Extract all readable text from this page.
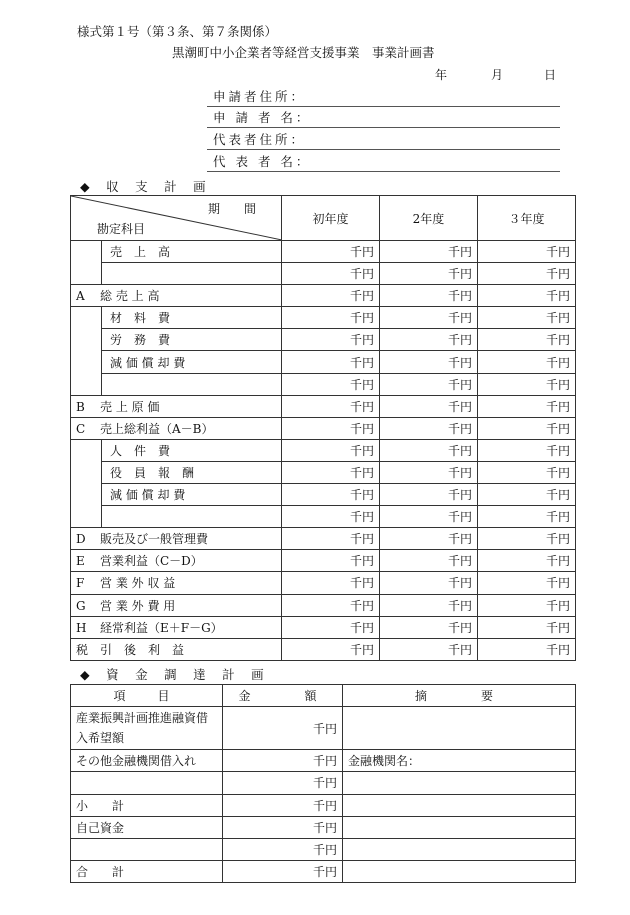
様式第１号（第３条、第７条関係）
黒潮町中小企業者等経営支援事業　事業計画書
年	月	日
申請者住所：
申 請 者 名：
代表者住所：
代 表 者 名：
◆　収　支　計　画
期　　間
勘定科目		初年度	2年度	３年度
	売　上　高	千円	千円	千円
		千円	千円	千円
A 総 売 上 高		千円	千円	千円
	材　料　費	千円	千円	千円
	労　務　費	千円	千円	千円
	減 価 償 却 費	千円	千円	千円
		千円	千円	千円
B 売 上 原 価		千円	千円	千円
C 売上総利益（A－B）		千円	千円	千円
	人　件　費	千円	千円	千円
	役　員　報　酬	千円	千円	千円
	減 価 償 却 費	千円	千円	千円
		千円	千円	千円
D 販売及び一般管理費		千円	千円	千円
E 営業利益（C－D）		千円	千円	千円
F 営 業 外 収 益		千円	千円	千円
G 営 業 外 費 用		千円	千円	千円
H 経常利益（E＋F－G）		千円	千円	千円
税　引　後　利　益		千円	千円	千円
◆　資　金　調　達　計　画
項　目	金　　額	摘　　要
産業振興計画推進融資借入希望額	千円	
その他金融機関借入れ	千円	金融機関名：
	千円	
小　　計	千円	
自己資金	千円	
	千円	
合　　計	千円	
